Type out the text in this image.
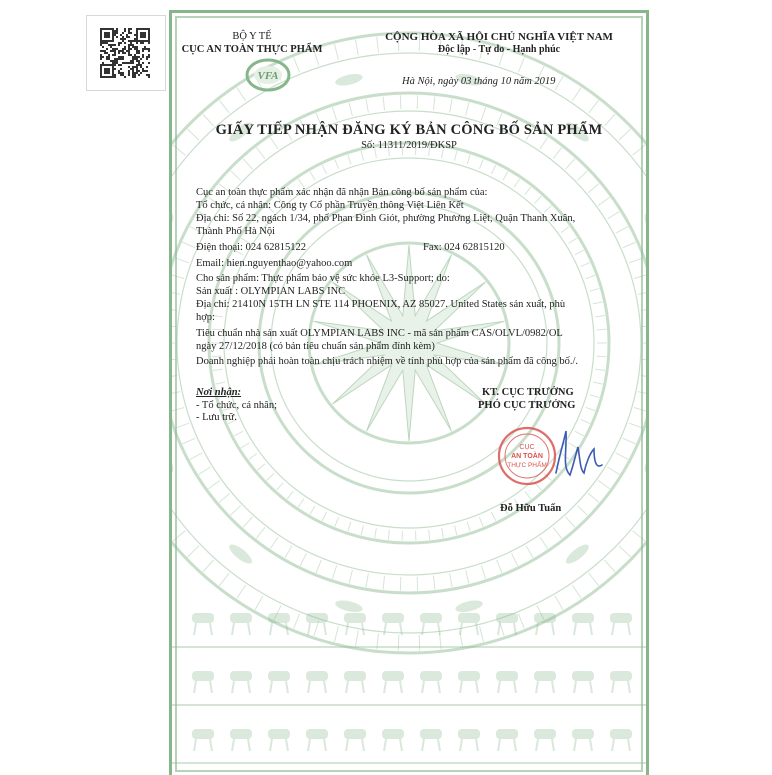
BỘ Y TẾ
CỤC AN TOÀN THỰC PHẨM
VFA
CỘNG HÒA XÃ HỘI CHỦ NGHĨA VIỆT NAM
Độc lập - Tự do - Hạnh phúc
Hà Nội, ngày 03 tháng 10 năm 2019
GIẤY TIẾP NHẬN ĐĂNG KÝ BẢN CÔNG BỐ SẢN PHẨM
Số: 11311/2019/ĐKSP
Cục an toàn thực phẩm xác nhận đã nhận Bản công bố sản phẩm của:
Tổ chức, cá nhân: Công ty Cổ phần Truyền thông Việt Liên Kết
Địa chỉ: Số 22, ngách 1/34, phố Phan Đình Giót, phường Phương Liệt, Quận Thanh Xuân,
Thành Phố Hà Nội
Điện thoại: 024 62815122	Fax: 024 62815120
Email: hien.nguyenthao@yahoo.com
Cho sản phẩm: Thực phẩm bảo vệ sức khỏe L3-Support; do:
Sản xuất : OLYMPIAN LABS INC
Địa chỉ: 21410N 15TH LN STE 114 PHOENIX, AZ 85027. United States sản xuất, phù
hợp:
Tiêu chuẩn nhà sản xuất OLYMPIAN LABS INC - mã sản phẩm CAS/OLVL/0982/OL
ngày 27/12/2018 (có bản tiêu chuẩn sản phẩm đính kèm)
Doanh nghiệp phải hoàn toàn chịu trách nhiệm về tính phù hợp của sản phẩm đã công bố./.
Nơi nhận:
- Tổ chức, cá nhân;
- Lưu trữ.
KT. CỤC TRƯỞNG
PHÓ CỤC TRƯỞNG
CỤC
AN TOÀN
THỰC PHẨM
Đỗ Hữu Tuấn
